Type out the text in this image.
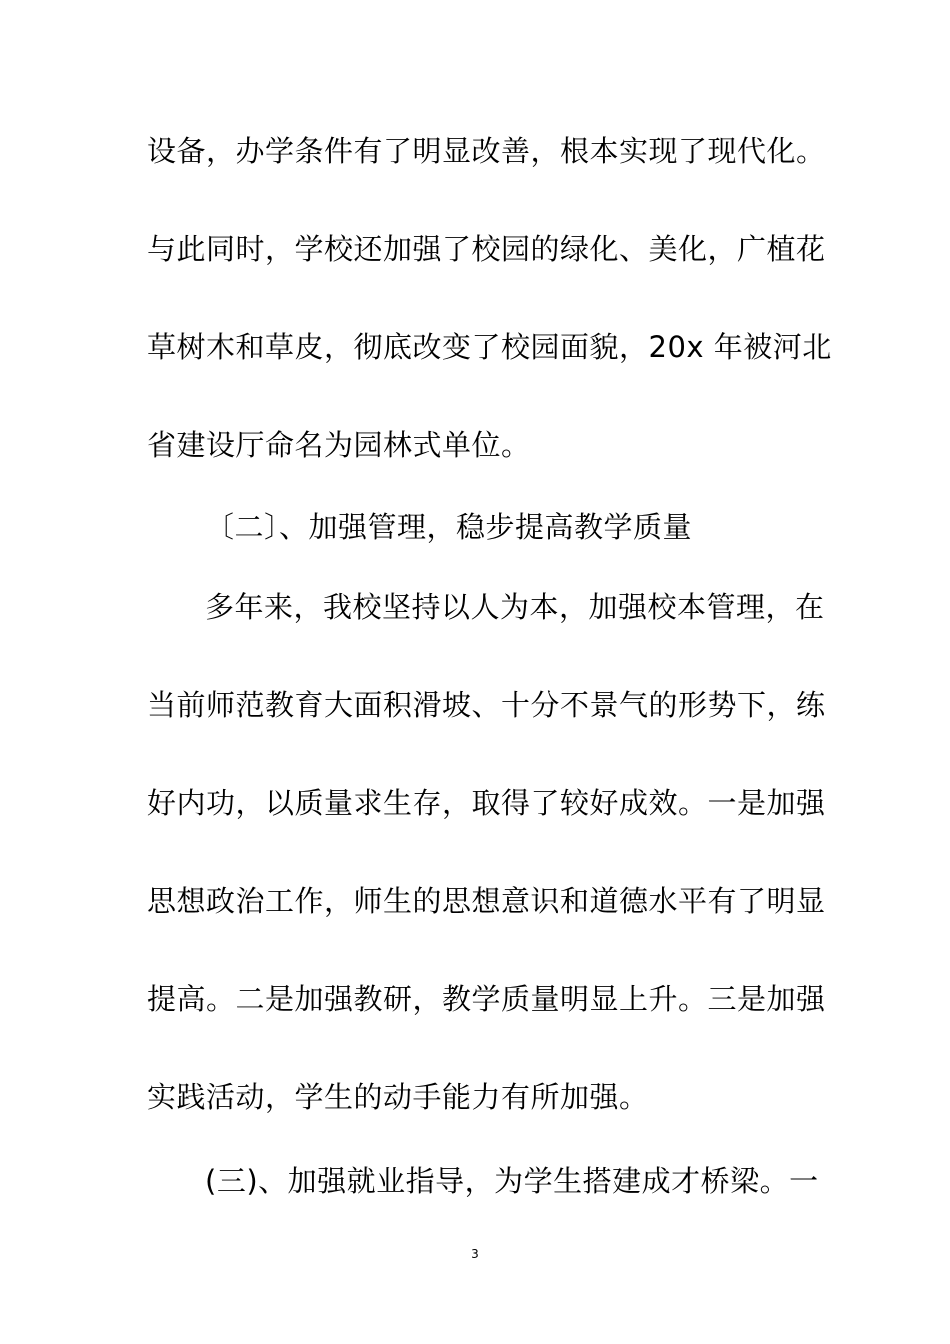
设备，办学条件有了明显改善，根本实现了现代化。
与此同时，学校还加强了校园的绿化、美化，广植花
草树木和草皮，彻底改变了校园面貌，20x 年被河北
省建设厅命名为园林式单位。
〔二〕、加强管理，稳步提高教学质量
多年来，我校坚持以人为本，加强校本管理，在
当前师范教育大面积滑坡、十分不景气的形势下，练
好内功，以质量求生存，取得了较好成效。一是加强
思想政治工作，师生的思想意识和道德水平有了明显
提高。二是加强教研，教学质量明显上升。三是加强
实践活动，学生的动手能力有所加强。
(三)、加强就业指导，为学生搭建成才桥梁。一
3
